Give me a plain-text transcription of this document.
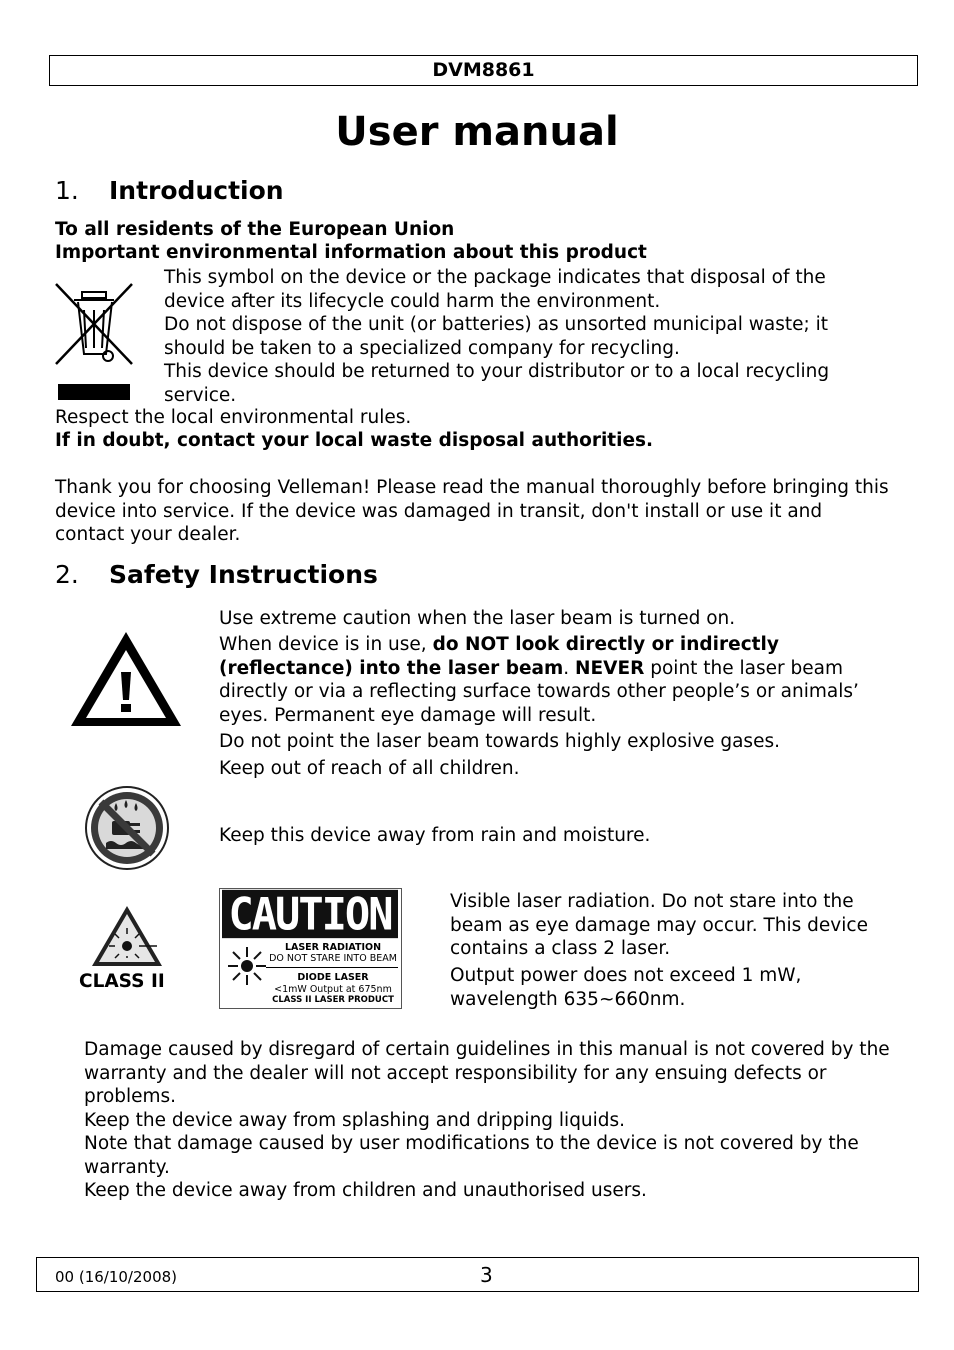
DVM8861
User manual
1. Introduction
To all residents of the European Union
Important environmental information about this product
This symbol on the device or the package indicates that disposal of the
device after its lifecycle could harm the environment.
Do not dispose of the unit (or batteries) as unsorted municipal waste; it
should be taken to a specialized company for recycling.
This device should be returned to your distributor or to a local recycling
service.
Respect the local environmental rules.
If in doubt, contact your local waste disposal authorities.
Thank you for choosing Velleman! Please read the manual thoroughly before bringing this
device into service. If the device was damaged in transit, don't install or use it and
contact your dealer.
2. Safety Instructions
Use extreme caution when the laser beam is turned on.
When device is in use, do NOT look directly or indirectly
(reflectance) into the laser beam. NEVER point the laser beam
directly or via a reflecting surface towards other people’s or animals’
eyes. Permanent eye damage will result.
Do not point the laser beam towards highly explosive gases.
Keep out of reach of all children.
Keep this device away from rain and moisture.
CLASS II
CAUTION
LASER RADIATION
DO NOT STARE INTO BEAM
DIODE LASER
<1mW Output at 675nm
CLASS II LASER PRODUCT
Visible laser radiation. Do not stare into the
beam as eye damage may occur. This device
contains a class 2 laser.
Output power does not exceed 1 mW,
wavelength 635~660nm.
Damage caused by disregard of certain guidelines in this manual is not covered by the
warranty and the dealer will not accept responsibility for any ensuing defects or
problems.
Keep the device away from splashing and dripping liquids.
Note that damage caused by user modifications to the device is not covered by the
warranty.
Keep the device away from children and unauthorised users.
00 (16/10/2008)	3
